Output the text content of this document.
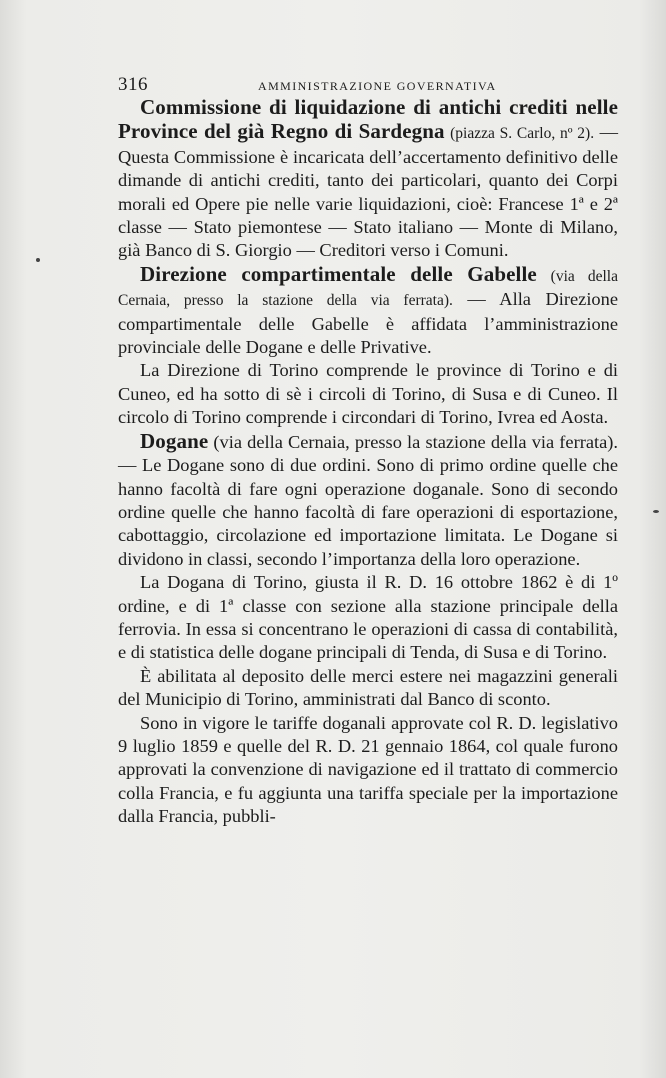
316	AMMINISTRAZIONE GOVERNATIVA

Commissione di liquidazione di antichi crediti nelle Province del già Regno di Sardegna (piazza S. Carlo, nº 2). — Questa Commissione è incaricata dell’accertamento definitivo delle dimande di antichi crediti, tanto dei particolari, quanto dei Corpi morali ed Opere pie nelle varie liquidazioni, cioè: Francese 1ª e 2ª classe — Stato piemontese — Stato italiano — Monte di Milano, già Banco di S. Giorgio — Creditori verso i Comuni.

Direzione compartimentale delle Gabelle (via della Cernaia, presso la stazione della via ferrata). — Alla Direzione compartimentale delle Gabelle è affidata l’amministrazione provinciale delle Dogane e delle Privative.

La Direzione di Torino comprende le province di Torino e di Cuneo, ed ha sotto di sè i circoli di Torino, di Susa e di Cuneo. Il circolo di Torino comprende i circondari di Torino, Ivrea ed Aosta.

Dogane (via della Cernaia, presso la stazione della via ferrata). — Le Dogane sono di due ordini. Sono di primo ordine quelle che hanno facoltà di fare ogni operazione doganale. Sono di secondo ordine quelle che hanno facoltà di fare operazioni di esportazione, cabottaggio, circolazione ed importazione limitata. Le Dogane si dividono in classi, secondo l’importanza della loro operazione.

La Dogana di Torino, giusta il R. D. 16 ottobre 1862 è di 1º ordine, e di 1ª classe con sezione alla stazione principale della ferrovia. In essa si concentrano le operazioni di cassa di contabilità, e di statistica delle dogane principali di Tenda, di Susa e di Torino.

È abilitata al deposito delle merci estere nei magazzini generali del Municipio di Torino, amministrati dal Banco di sconto.

Sono in vigore le tariffe doganali approvate col R. D. legislativo 9 luglio 1859 e quelle del R. D. 21 gennaio 1864, col quale furono approvati la convenzione di navigazione ed il trattato di commercio colla Francia, e fu aggiunta una tariffa speciale per la importazione dalla Francia, pubbli-
